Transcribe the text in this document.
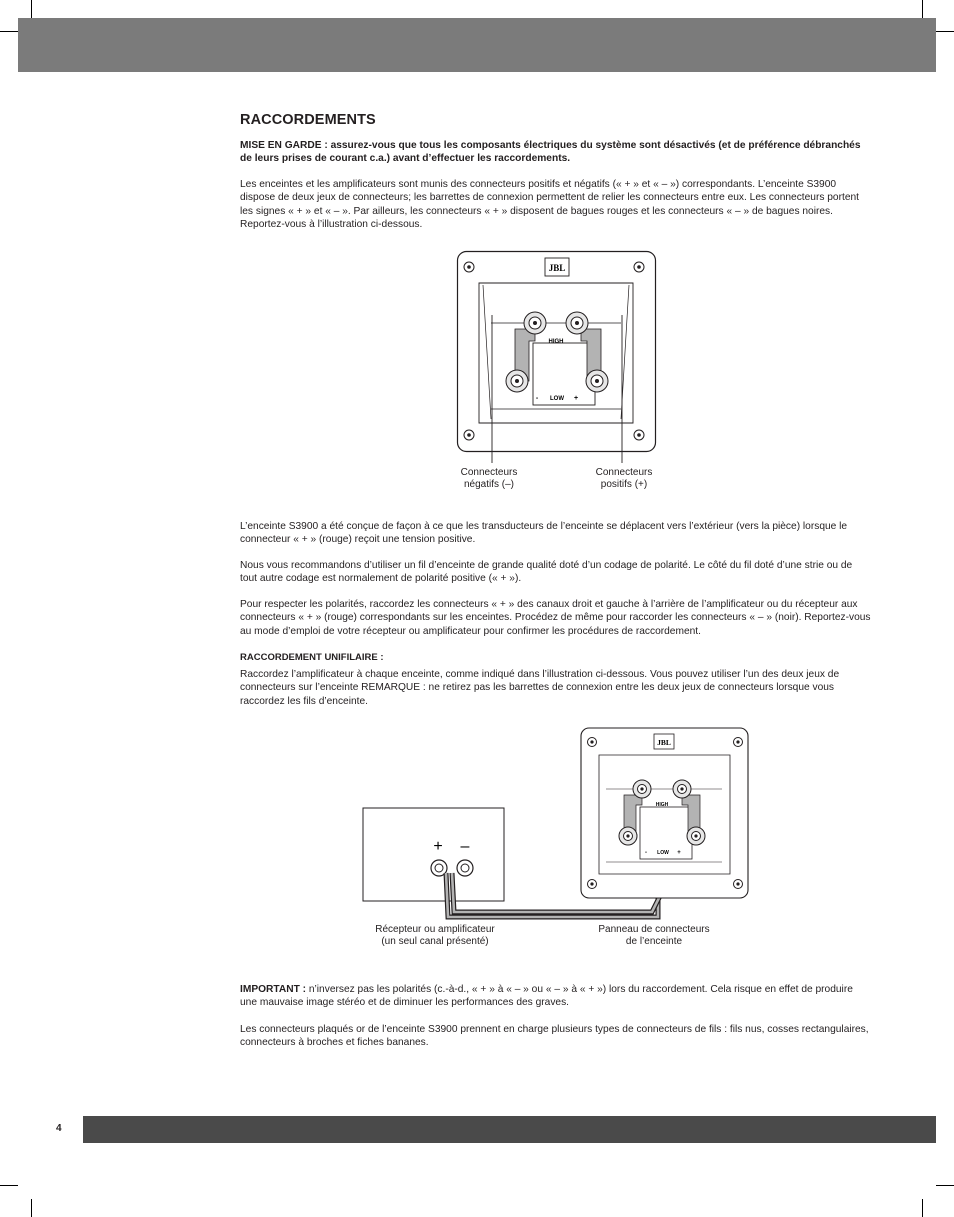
RACCORDEMENTS

MISE EN GARDE : assurez-vous que tous les composants électriques du système sont désactivés (et de préférence débranchés de leurs prises de courant c.a.) avant d’effectuer les raccordements.

Les enceintes et les amplificateurs sont munis des connecteurs positifs et négatifs (« + » et « – ») correspondants. L’enceinte S3900 dispose de deux jeux de connecteurs; les barrettes de connexion permettent de relier les connecteurs entre eux. Les connecteurs portent les signes « + » et « – ». Par ailleurs, les connecteurs « + » disposent de bagues rouges et les connecteurs « – » de bagues noires. Reportez-vous à l’illustration ci-dessous.

JBL
HIGH
- LOW +
Connecteurs
négatifs (–)
Connecteurs
positifs (+)

L’enceinte S3900 a été conçue de façon à ce que les transducteurs de l’enceinte se déplacent vers l’extérieur (vers la pièce) lorsque le connecteur « + » (rouge) reçoit une tension positive.

Nous vous recommandons d’utiliser un fil d’enceinte de grande qualité doté d’un codage de polarité. Le côté du fil doté d’une strie ou de tout autre codage est normalement de polarité positive (« + »).

Pour respecter les polarités, raccordez les connecteurs « + » des canaux droit et gauche à l’arrière de l’amplificateur ou du récepteur aux connecteurs « + » (rouge) correspondants sur les enceintes. Procédez de même pour raccorder les connecteurs « – » (noir). Reportez-vous au mode d’emploi de votre récepteur ou amplificateur pour confirmer les procédures de raccordement.

RACCORDEMENT UNIFILAIRE :

Raccordez l’amplificateur à chaque enceinte, comme indiqué dans l’illustration ci-dessous. Vous pouvez utiliser l’un des deux jeux de connecteurs sur l’enceinte REMARQUE : ne retirez pas les barrettes de connexion entre les deux jeux de connecteurs lorsque vous raccordez les fils d’enceinte.

+ –
JBL
HIGH
- LOW +
Récepteur ou amplificateur
(un seul canal présenté)
Panneau de connecteurs
de l’enceinte

IMPORTANT : n’inversez pas les polarités (c.-à-d., « + » à « – » ou « – » à « + ») lors du raccordement. Cela risque en effet de produire une mauvaise image stéréo et de diminuer les performances des graves.

Les connecteurs plaqués or de l’enceinte S3900 prennent en charge plusieurs types de connecteurs de fils : fils nus, cosses rectangulaires, connecteurs à broches et fiches bananes.

4
